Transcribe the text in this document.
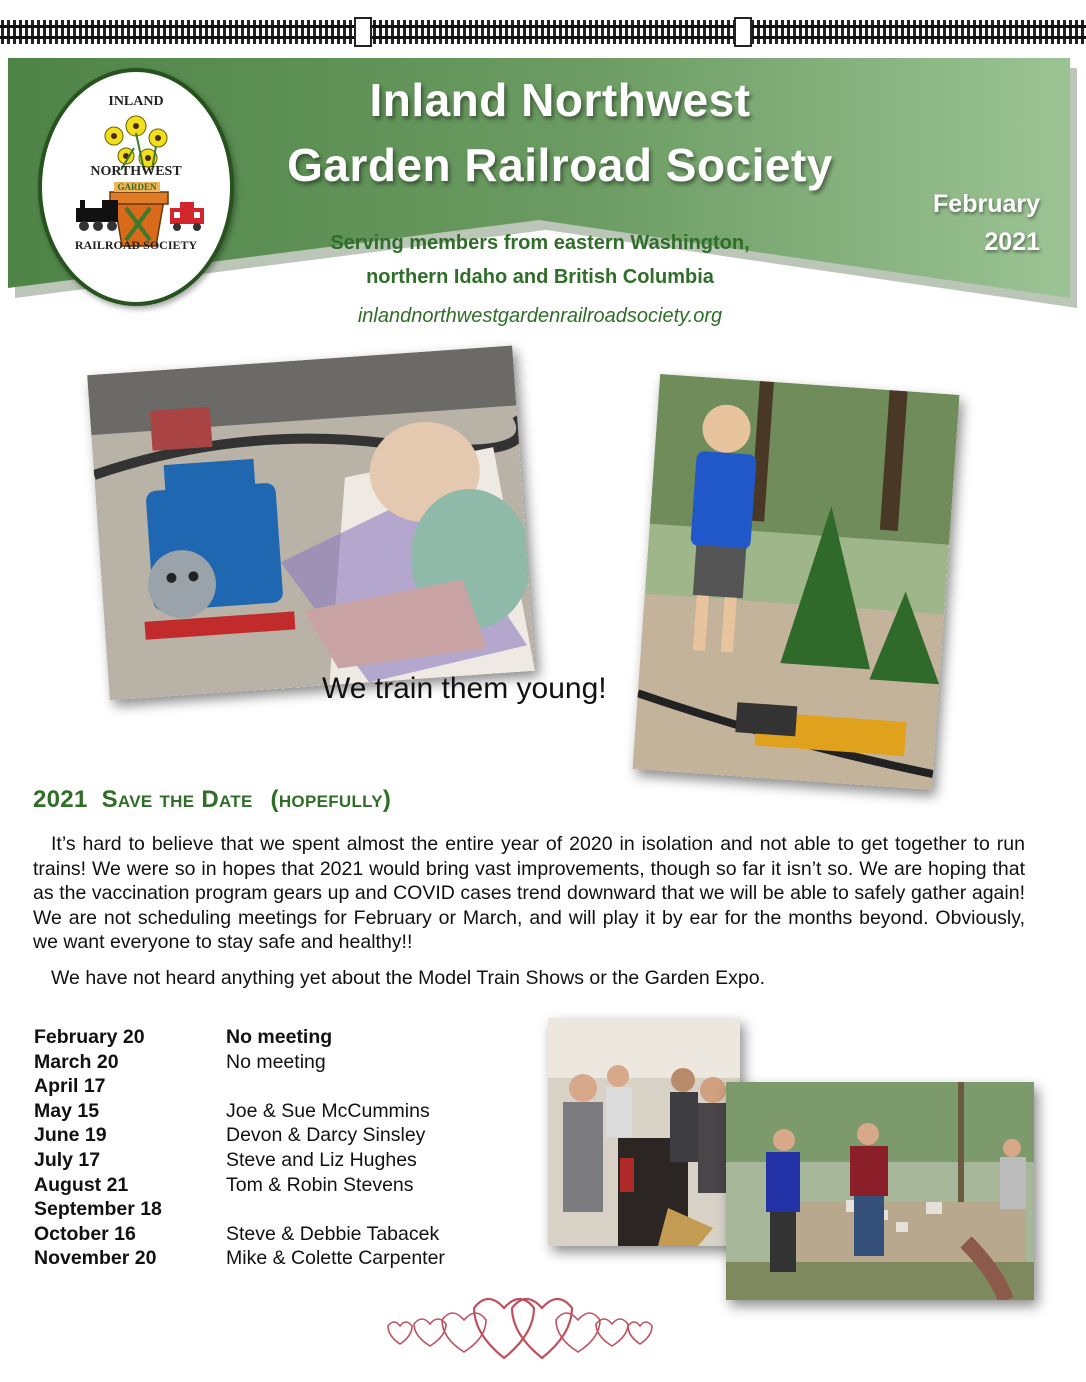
INLAND
NORTHWEST
GARDEN
RAILROAD SOCIETY
Inland Northwest
Garden Railroad Society
February
2021
Serving members from eastern Washington,
northern Idaho and British Columbia
inlandnorthwestgardenrailroadsociety.org
We train them young!
2021 Save the Date (hopefully)

It’s hard to believe that we spent almost the entire year of 2020 in isolation and not able to get together to run trains! We were so in hopes that 2021 would bring vast improvements, though so far it isn’t so. We are hoping that as the vaccination program gears up and COVID cases trend downward that we will be able to safely gather again! We are not scheduling meetings for February or March, and will play it by ear for the months beyond. Obviously, we want everyone to stay safe and healthy!!

We have not heard anything yet about the Model Train Shows or the Garden Expo.

February 20	No meeting
March 20	No meeting
April 17
May 15	Joe & Sue McCummins
June 19	Devon & Darcy Sinsley
July 17	Steve and Liz Hughes
August 21	Tom & Robin Stevens
September 18
October 16	Steve & Debbie Tabacek
November 20	Mike & Colette Carpenter
